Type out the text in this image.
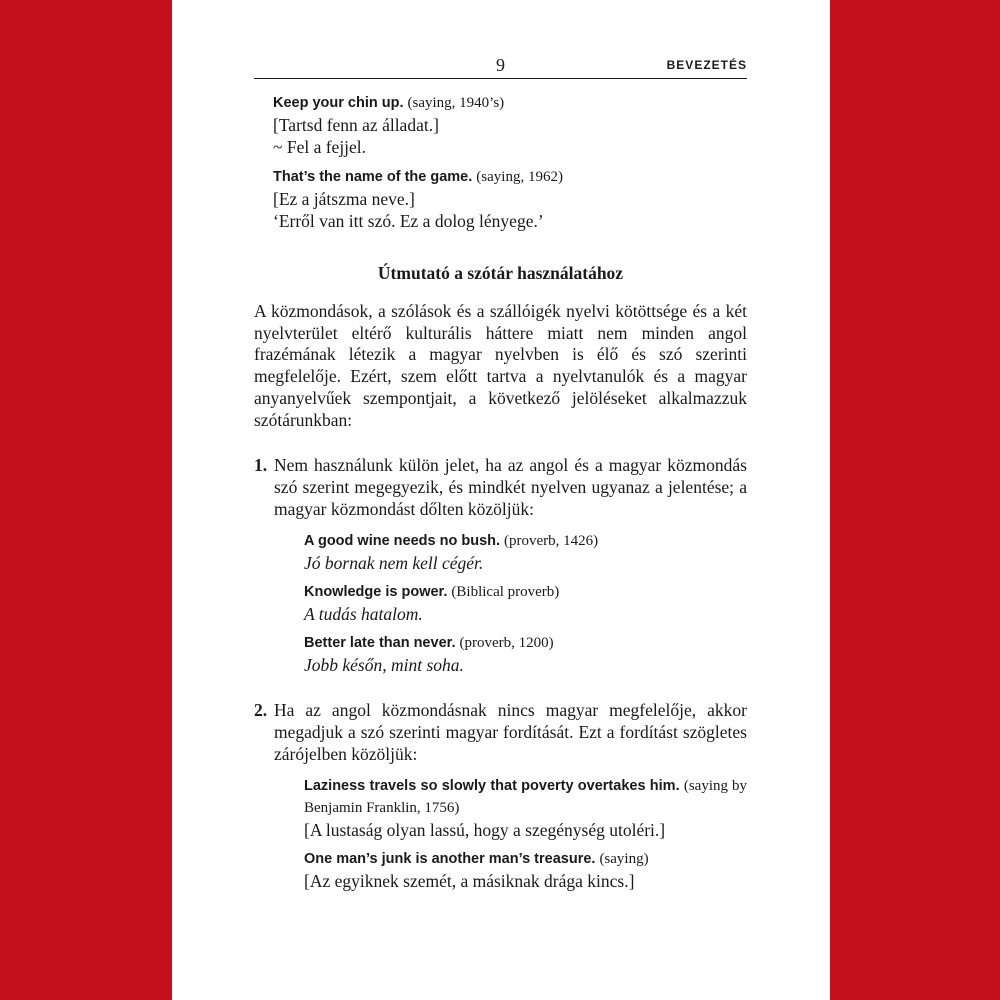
9	BEVEZETÉS
Keep your chin up. (saying, 1940’s)
[Tartsd fenn az álladat.]
~ Fel a fejjel.
That’s the name of the game. (saying, 1962)
[Ez a játszma neve.]
‘Erről van itt szó. Ez a dolog lényege.’
Útmutató a szótár használatához

A közmondások, a szólások és a szállóigék nyelvi kötöttsége és a két nyelvterület eltérő kulturális háttere miatt nem minden angol frazémának létezik a magyar nyelvben is élő és szó szerinti megfelelője. Ezért, szem előtt tartva a nyelvtanulók és a magyar anyanyelvűek szempontjait, a következő jelöléseket alkalmazzuk szótárunkban:

1. Nem használunk külön jelet, ha az angol és a magyar közmondás szó szerint megegyezik, és mindkét nyelven ugyanaz a jelentése; a magyar közmondást dőlten közöljük:

A good wine needs no bush. (proverb, 1426)
Jó bornak nem kell cégér.
Knowledge is power. (Biblical proverb)
A tudás hatalom.
Better late than never. (proverb, 1200)
Jobb későn, mint soha.
2. Ha az angol közmondásnak nincs magyar megfelelője, akkor megadjuk a szó szerinti magyar fordítását. Ezt a fordítást szögletes zárójelben közöljük:

Laziness travels so slowly that poverty overtakes him. (saying by Benjamin Franklin, 1756)
[A lustaság olyan lassú, hogy a szegénység utoléri.]
One man’s junk is another man’s treasure. (saying)
[Az egyiknek szemét, a másiknak drága kincs.]
